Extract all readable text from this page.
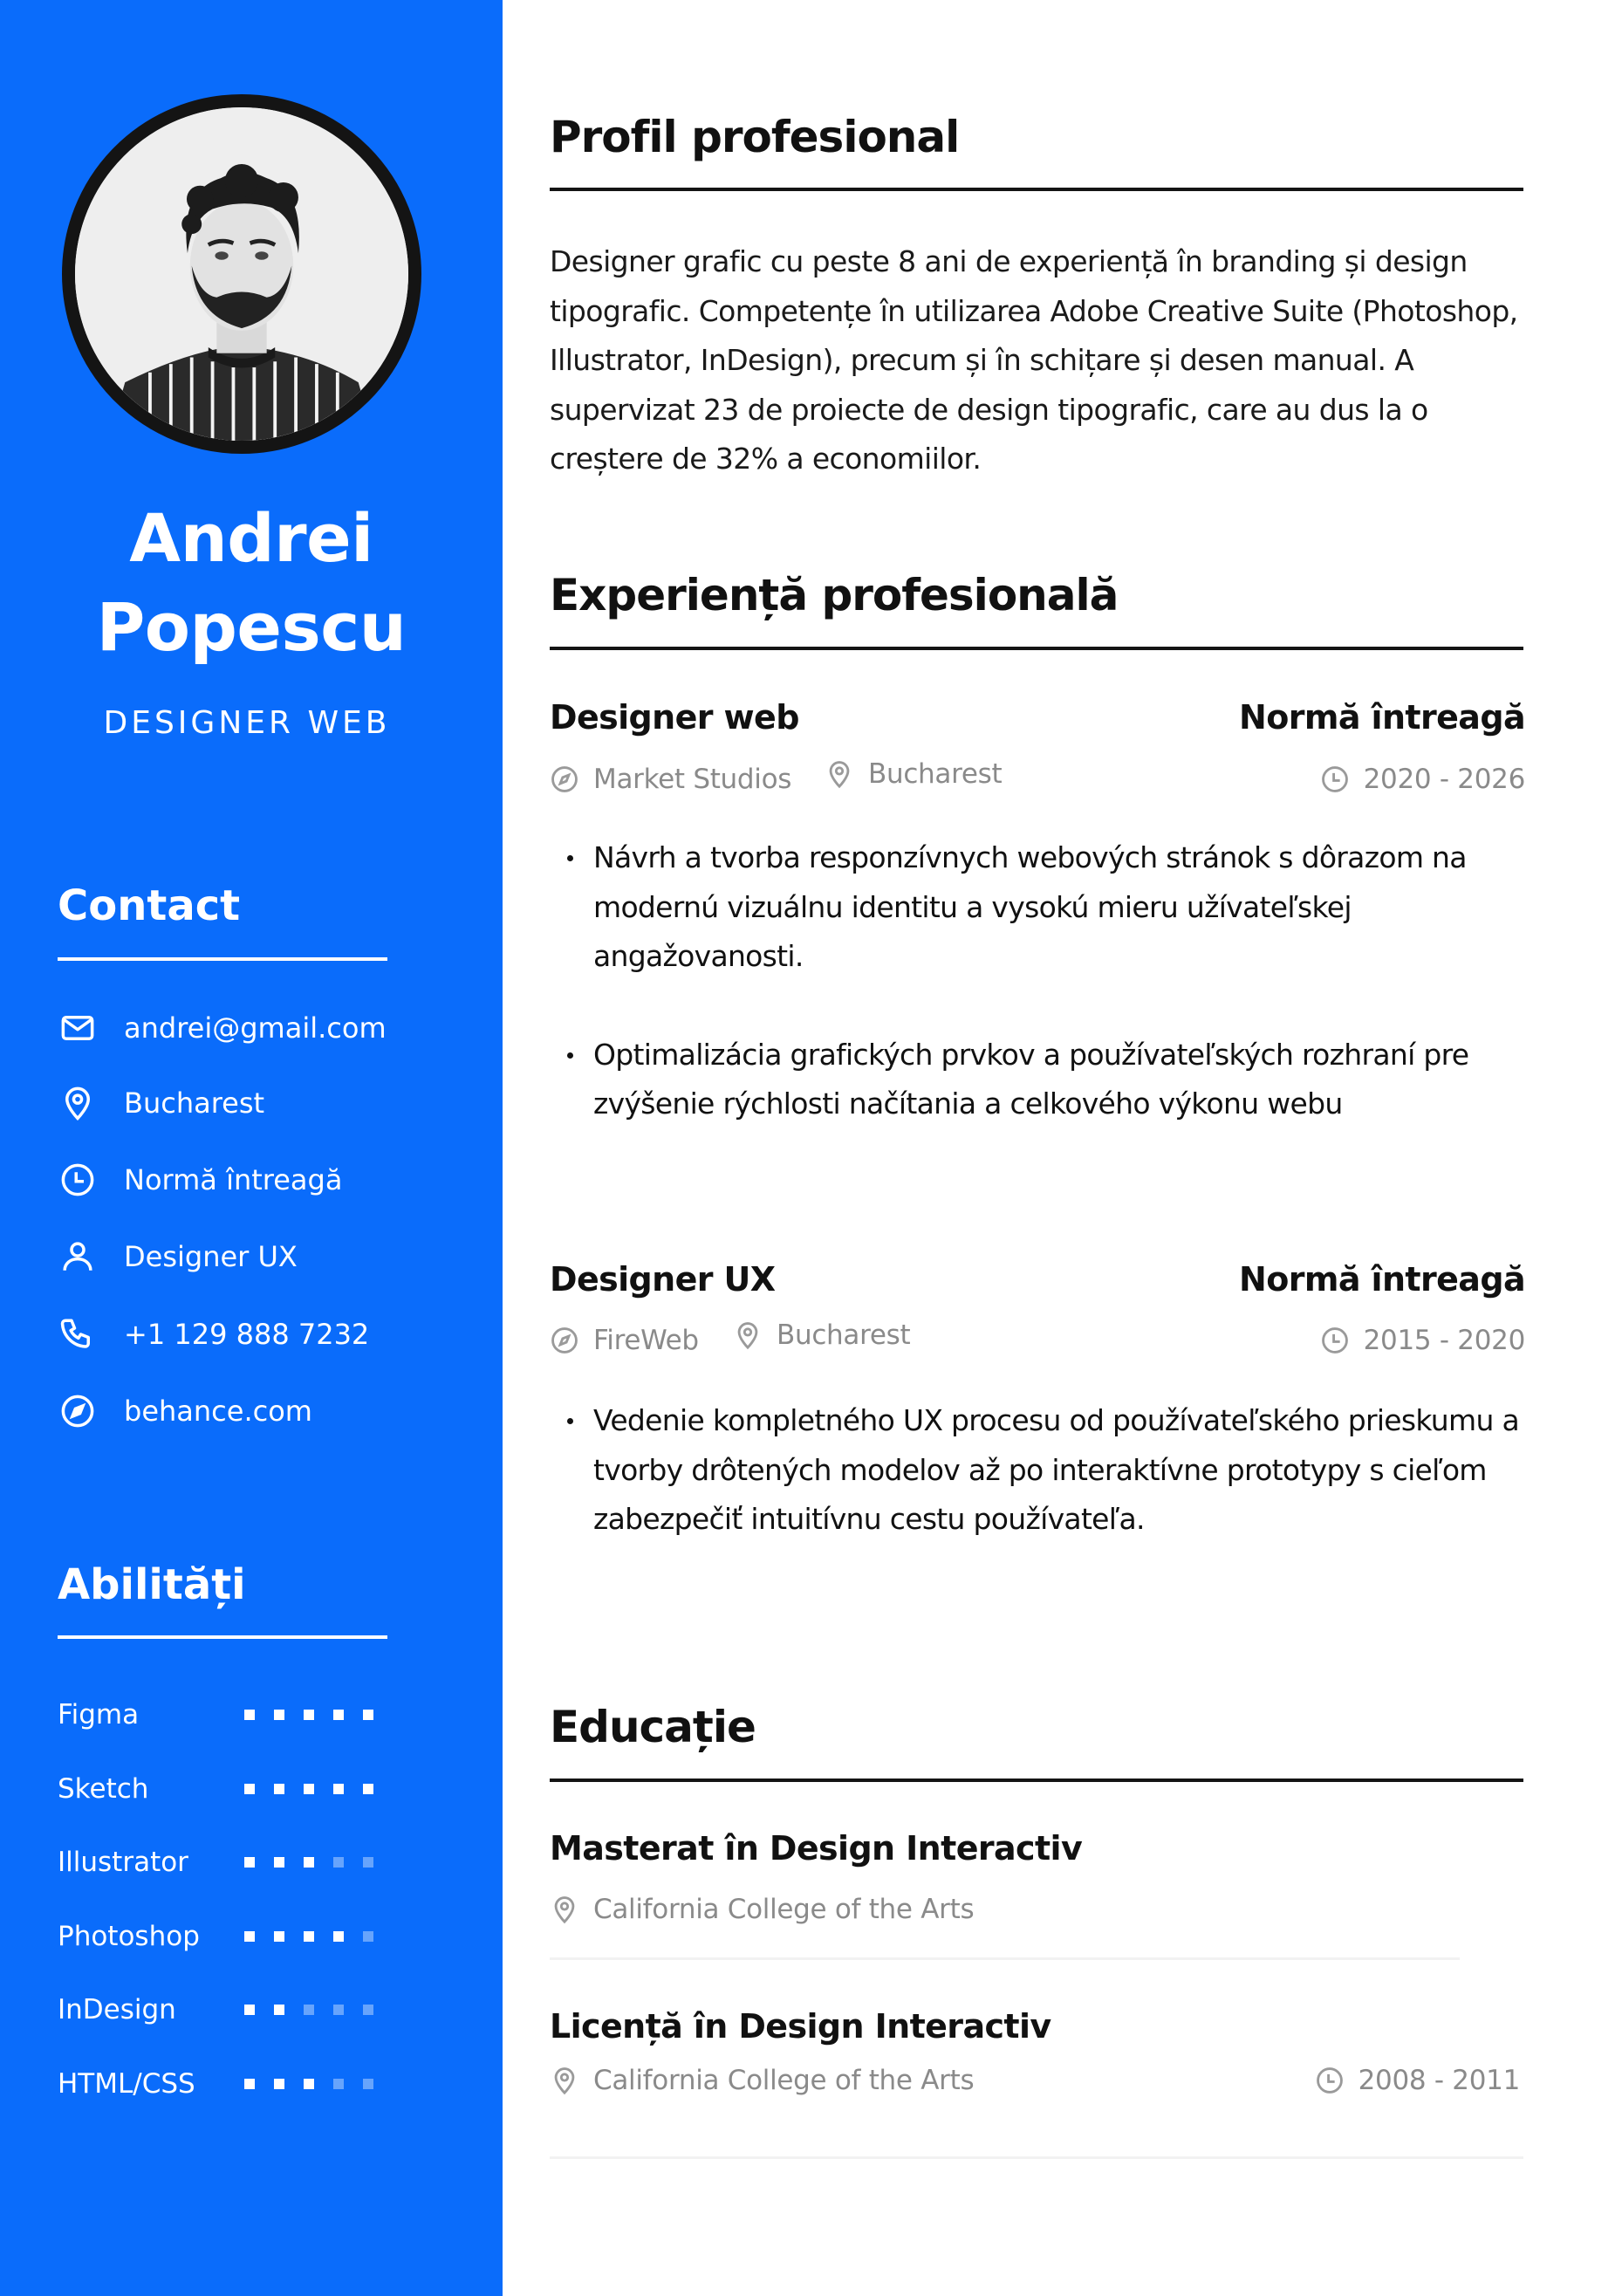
Andrei
Popescu
DESIGNER WEB
Contact
andrei@gmail.com
Bucharest
Normă întreagă
Designer UX
+1 129 888 7232
behance.com
Abilități
Figma
Sketch
Illustrator
Photoshop
InDesign
HTML/CSS
Profil profesional

Designer grafic cu peste 8 ani de experiență în branding și design tipografic. Competențe în utilizarea Adobe Creative Suite (Photoshop, Illustrator, InDesign), precum și în schițare și desen manual. A supervizat 23 de proiecte de design tipografic, care au dus la o creștere de 32% a economiilor.

Experiență profesională
Designer web	Normă întreagă
Market Studios	Bucharest	2020 - 2026
Návrh a tvorba responzívnych webových stránok s dôrazom na modernú vizuálnu identitu a vysokú mieru užívateľskej angažovanosti.
Optimalizácia grafických prvkov a používateľských rozhraní pre zvýšenie rýchlosti načítania a celkového výkonu webu
Designer UX	Normă întreagă
FireWeb	Bucharest	2015 - 2020
Vedenie kompletného UX procesu od používateľského prieskumu a tvorby drôtených modelov až po interaktívne prototypy s cieľom zabezpečiť intuitívnu cestu používateľa.
Educație
Masterat în Design Interactiv
California College of the Arts
Licență în Design Interactiv
California College of the Arts	2008 - 2011
